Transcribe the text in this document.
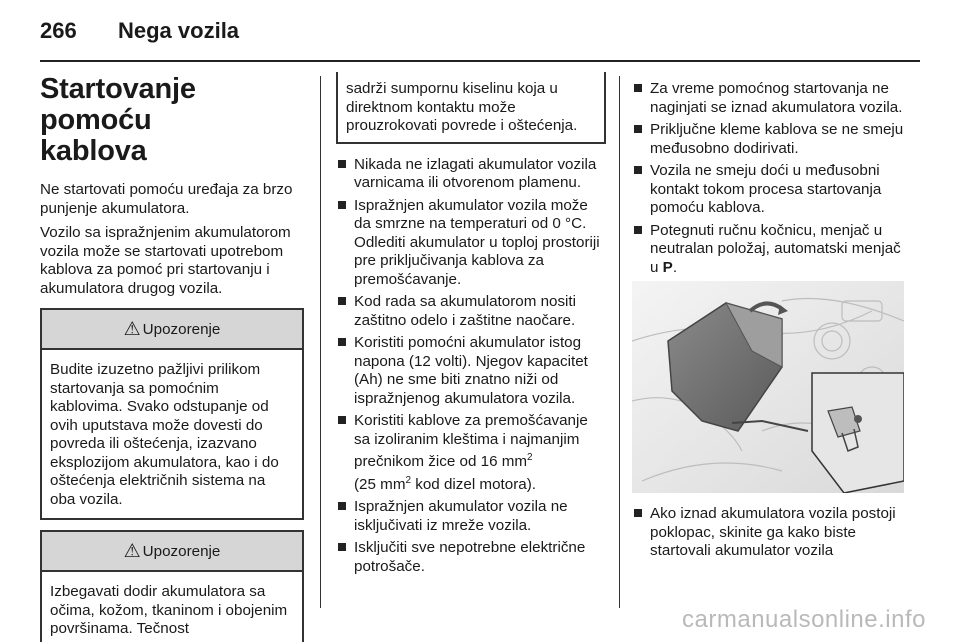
266 Nega vozila
Startovanje pomoću
kablova
Ne startovati pomoću uređaja za brzo punjenje akumulatora.
Vozilo sa ispražnjenim akumulatorom vozila može se startovati upotrebom kablova za pomoć pri startovanju i akumulatora drugog vozila.
⚠ Upozorenje
Budite izuzetno pažljivi prilikom startovanja sa pomoćnim kablovima. Svako odstupanje od ovih uputstava može dovesti do povreda ili oštećenja, izazvano eksplozijom akumulatora, kao i do oštećenja električnih sistema na oba vozila.
⚠ Upozorenje
Izbegavati dodir akumulatora sa očima, kožom, tkaninom i obojenim površinama. Tečnost
sadrži sumpornu kiselinu koja u direktnom kontaktu može prouzrokovati povrede i oštećenja.
Nikada ne izlagati akumulator vozila varnicama ili otvorenom plamenu.
Ispražnjen akumulator vozila može da smrzne na temperaturi od 0 °C. Odlediti akumulator u toploj prostoriji pre priključivanja kablova za premošćavanje.
Kod rada sa akumulatorom nositi zaštitno odelo i zaštitne naočare.
Koristiti pomoćni akumulator istog napona (12 volti). Njegov kapacitet (Ah) ne sme biti znatno niži od ispražnjenog akumulatora vozila.
Koristiti kablove za premošćavanje sa izoliranim kleštima i najmanjim prečnikom žice od 16 $mm^2$
(25 $mm^2$ kod dizel motora).
Ispražnjen akumulator vozila ne isključivati iz mreže vozila.
Isključiti sve nepotrebne električne potrošače.
Za vreme pomoćnog startovanja ne naginjati se iznad akumulatora vozila.
Priključne kleme kablova se ne smeju međusobno dodirivati.
Vozila ne smeju doći u međusobni kontakt tokom procesa startovanja pomoću kablova.
Potegnuti ručnu kočnicu, menjač u neutralan položaj, automatski menjač u P.
Ako iznad akumulatora vozila postoji poklopac, skinite ga kako biste startovali akumulator vozila
carmanualsonline.info
